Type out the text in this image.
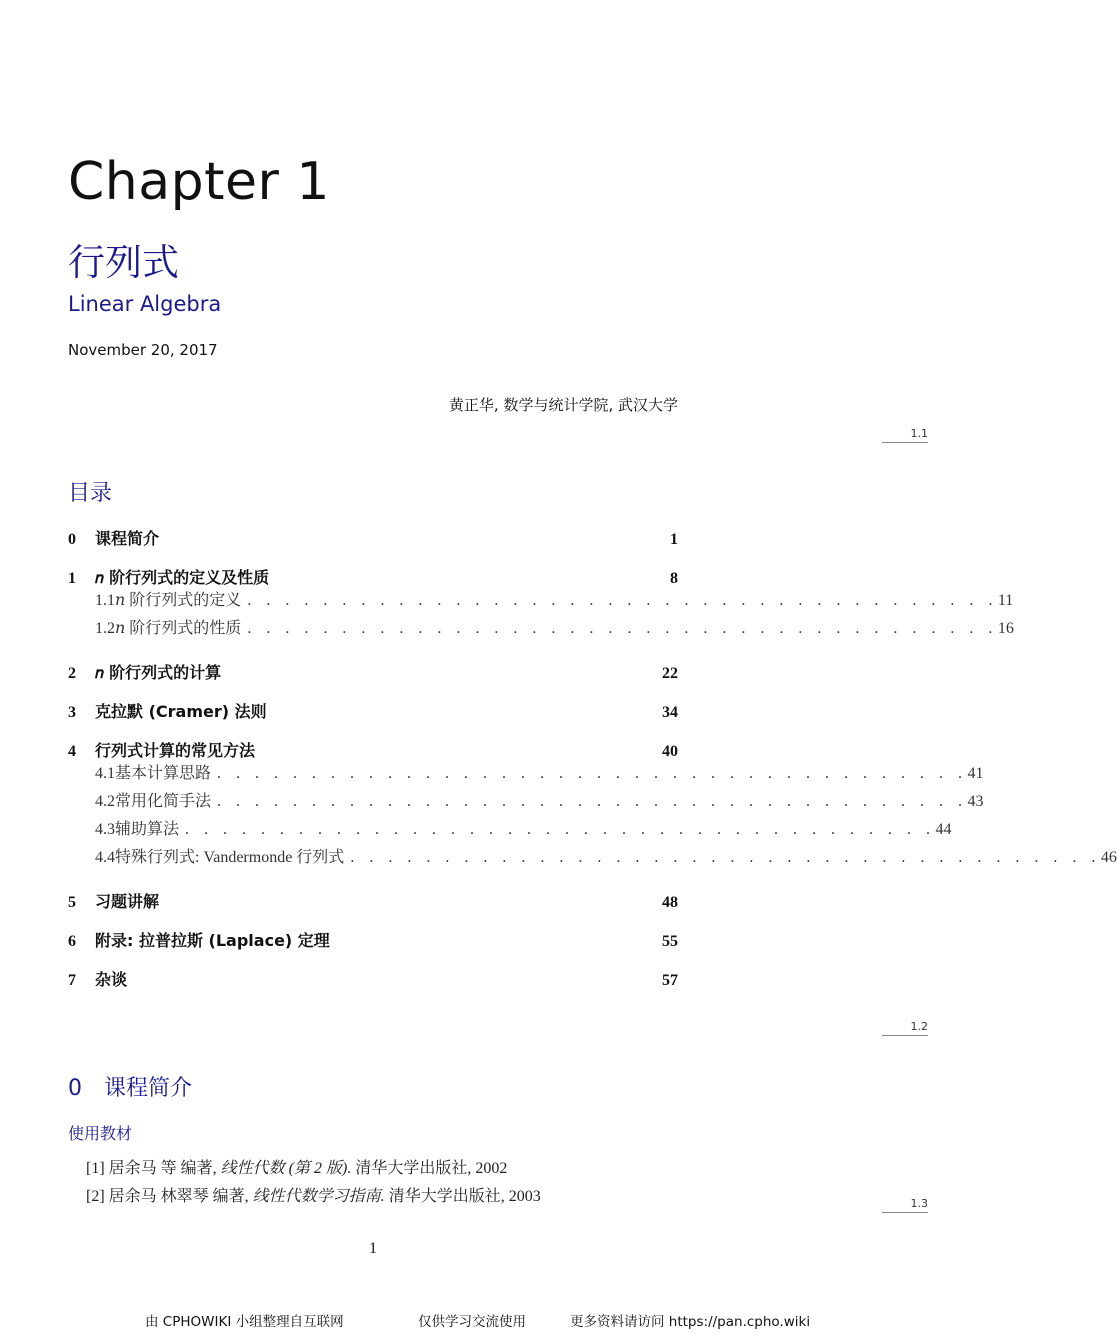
Chapter 1
行列式
Linear Algebra
November 20, 2017
黄正华, 数学与统计学院, 武汉大学
1.1
1.2
1.3
目录
0	课程简介	1
1	𝑛 阶行列式的定义及性质	8
1.1 𝑛 阶行列式的定义 . . . . . . . . . . . . . . . . . . . . . . . . . . . . . . . . . . . . . . . . 11
1.2 𝑛 阶行列式的性质 . . . . . . . . . . . . . . . . . . . . . . . . . . . . . . . . . . . . . . . . 16
2	𝑛 阶行列式的计算	22
3	克拉默 (Cramer) 法则	34
4	行列式计算的常见方法	40
4.1 基本计算思路 . . . . . . . . . . . . . . . . . . . . . . . . . . . . . . . . . . . . . . . . 41
4.2 常用化简手法 . . . . . . . . . . . . . . . . . . . . . . . . . . . . . . . . . . . . . . . . 43
4.3 辅助算法 . . . . . . . . . . . . . . . . . . . . . . . . . . . . . . . . . . . . . . . . 44
4.4 特殊行列式: Vandermonde 行列式 . . . . . . . . . . . . . . . . . . . . . . . . . . . . . . . . . . . . . . . . 46
5	习题讲解	48
6	附录: 拉普拉斯 (Laplace) 定理	55
7	杂谈	57
0 课程简介
使用教材
[1] 居余马 等 编著, 线性代数 (第 2 版). 清华大学出版社, 2002
[2] 居余马 林翠琴 编著, 线性代数学习指南. 清华大学出版社, 2003
1
由 CPHOWIKI 小组整理自互联网	仅供学习交流使用	更多资料请访问 https://pan.cpho.wiki
